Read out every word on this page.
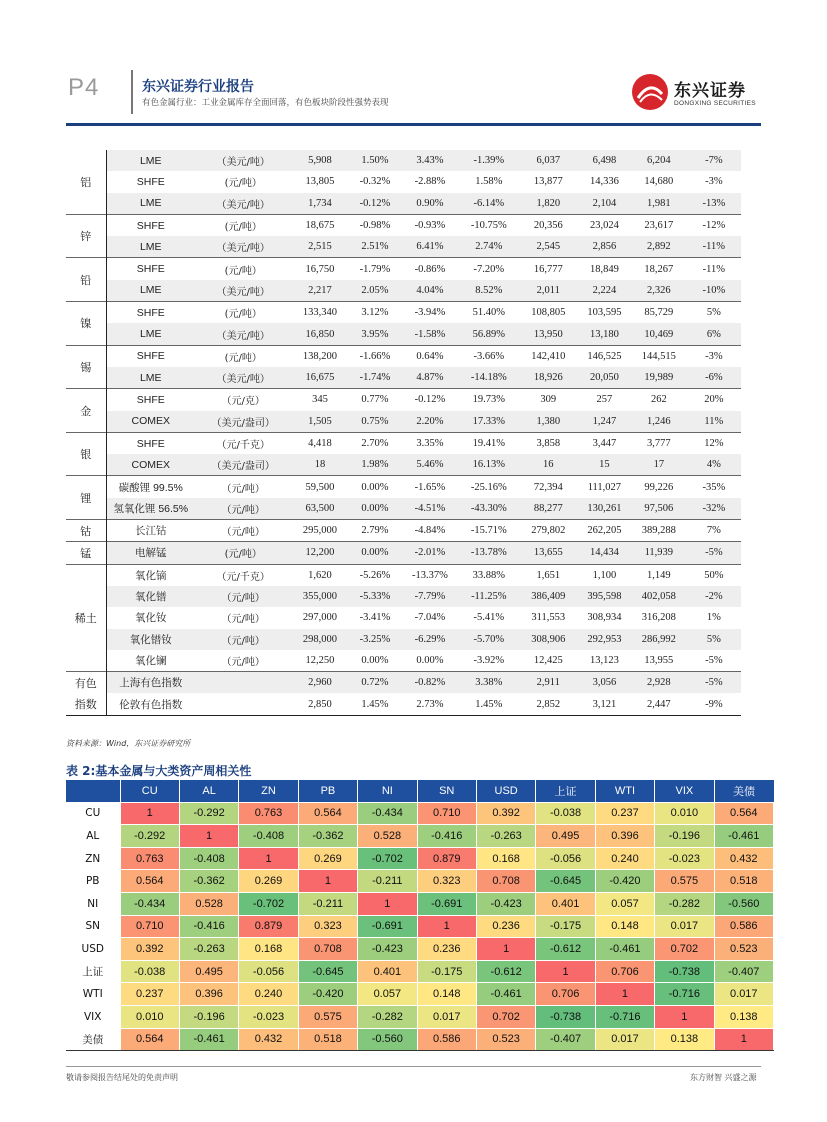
P4	东兴证券行业报告
有色金属行业：工业金属库存全面回落，有色板块阶段性强势表现
东兴证券
DONGXING SECURITIES
铝	LME	（美元/吨）	5,908	1.50%	3.43%	-1.39%	6,037	6,498	6,204	-7%
	SHFE	(元/吨）	13,805	-0.32%	-2.88%	1.58%	13,877	14,336	14,680	-3%
	LME	（美元/吨）	1,734	-0.12%	0.90%	-6.14%	1,820	2,104	1,981	-13%
锌	SHFE	(元/吨）	18,675	-0.98%	-0.93%	-10.75%	20,356	23,024	23,617	-12%
	LME	（美元/吨）	2,515	2.51%	6.41%	2.74%	2,545	2,856	2,892	-11%
铅	SHFE	(元/吨）	16,750	-1.79%	-0.86%	-7.20%	16,777	18,849	18,267	-11%
	LME	（美元/吨）	2,217	2.05%	4.04%	8.52%	2,011	2,224	2,326	-10%
镍	SHFE	(元/吨）	133,340	3.12%	-3.94%	51.40%	108,805	103,595	85,729	5%
	LME	（美元/吨）	16,850	3.95%	-1.58%	56.89%	13,950	13,180	10,469	6%
锡	SHFE	(元/吨）	138,200	-1.66%	0.64%	-3.66%	142,410	146,525	144,515	-3%
	LME	（美元/吨）	16,675	-1.74%	4.87%	-14.18%	18,926	20,050	19,989	-6%
金	SHFE	（元/克）	345	0.77%	-0.12%	19.73%	309	257	262	20%
	COMEX	（美元/盎司）	1,505	0.75%	2.20%	17.33%	1,380	1,247	1,246	11%
银	SHFE	（元/千克）	4,418	2.70%	3.35%	19.41%	3,858	3,447	3,777	12%
	COMEX	（美元/盎司）	18	1.98%	5.46%	16.13%	16	15	17	4%
锂	碳酸锂 99.5%	（元/吨）	59,500	0.00%	-1.65%	-25.16%	72,394	111,027	99,226	-35%
	氢氧化锂 56.5%	（元/吨）	63,500	0.00%	-4.51%	-43.30%	88,277	130,261	97,506	-32%
钴	长江钴	（元/吨）	295,000	2.79%	-4.84%	-15.71%	279,802	262,205	389,288	7%
锰	电解锰	(元/吨）	12,200	0.00%	-2.01%	-13.78%	13,655	14,434	11,939	-5%
稀土	氧化镝	（元/千克）	1,620	-5.26%	-13.37%	33.88%	1,651	1,100	1,149	50%
	氧化镨	（元/吨）	355,000	-5.33%	-7.79%	-11.25%	386,409	395,598	402,058	-2%
	氧化钕	（元/吨）	297,000	-3.41%	-7.04%	-5.41%	311,553	308,934	316,208	1%
	氧化镨钕	（元/吨）	298,000	-3.25%	-6.29%	-5.70%	308,906	292,953	286,992	5%
	氧化镧	（元/吨）	12,250	0.00%	0.00%	-3.92%	12,425	13,123	13,955	-5%
有色	上海有色指数		2,960	0.72%	-0.82%	3.38%	2,911	3,056	2,928	-5%
指数	伦敦有色指数		2,850	1.45%	2.73%	1.45%	2,852	3,121	2,447	-9%
资料来源：Wind，东兴证券研究所
表 2:基本金属与大类资产周相关性
	CU	AL	ZN	PB	NI	SN	USD	上证	WTI	VIX	美债
CU	1	-0.292	0.763	0.564	-0.434	0.710	0.392	-0.038	0.237	0.010	0.564
AL	-0.292	1	-0.408	-0.362	0.528	-0.416	-0.263	0.495	0.396	-0.196	-0.461
ZN	0.763	-0.408	1	0.269	-0.702	0.879	0.168	-0.056	0.240	-0.023	0.432
PB	0.564	-0.362	0.269	1	-0.211	0.323	0.708	-0.645	-0.420	0.575	0.518
NI	-0.434	0.528	-0.702	-0.211	1	-0.691	-0.423	0.401	0.057	-0.282	-0.560
SN	0.710	-0.416	0.879	0.323	-0.691	1	0.236	-0.175	0.148	0.017	0.586
USD	0.392	-0.263	0.168	0.708	-0.423	0.236	1	-0.612	-0.461	0.702	0.523
上证	-0.038	0.495	-0.056	-0.645	0.401	-0.175	-0.612	1	0.706	-0.738	-0.407
WTI	0.237	0.396	0.240	-0.420	0.057	0.148	-0.461	0.706	1	-0.716	0.017
VIX	0.010	-0.196	-0.023	0.575	-0.282	0.017	0.702	-0.738	-0.716	1	0.138
美债	0.564	-0.461	0.432	0.518	-0.560	0.586	0.523	-0.407	0.017	0.138	1
敬请参阅报告结尾处的免责声明	东方财智 兴盛之源
